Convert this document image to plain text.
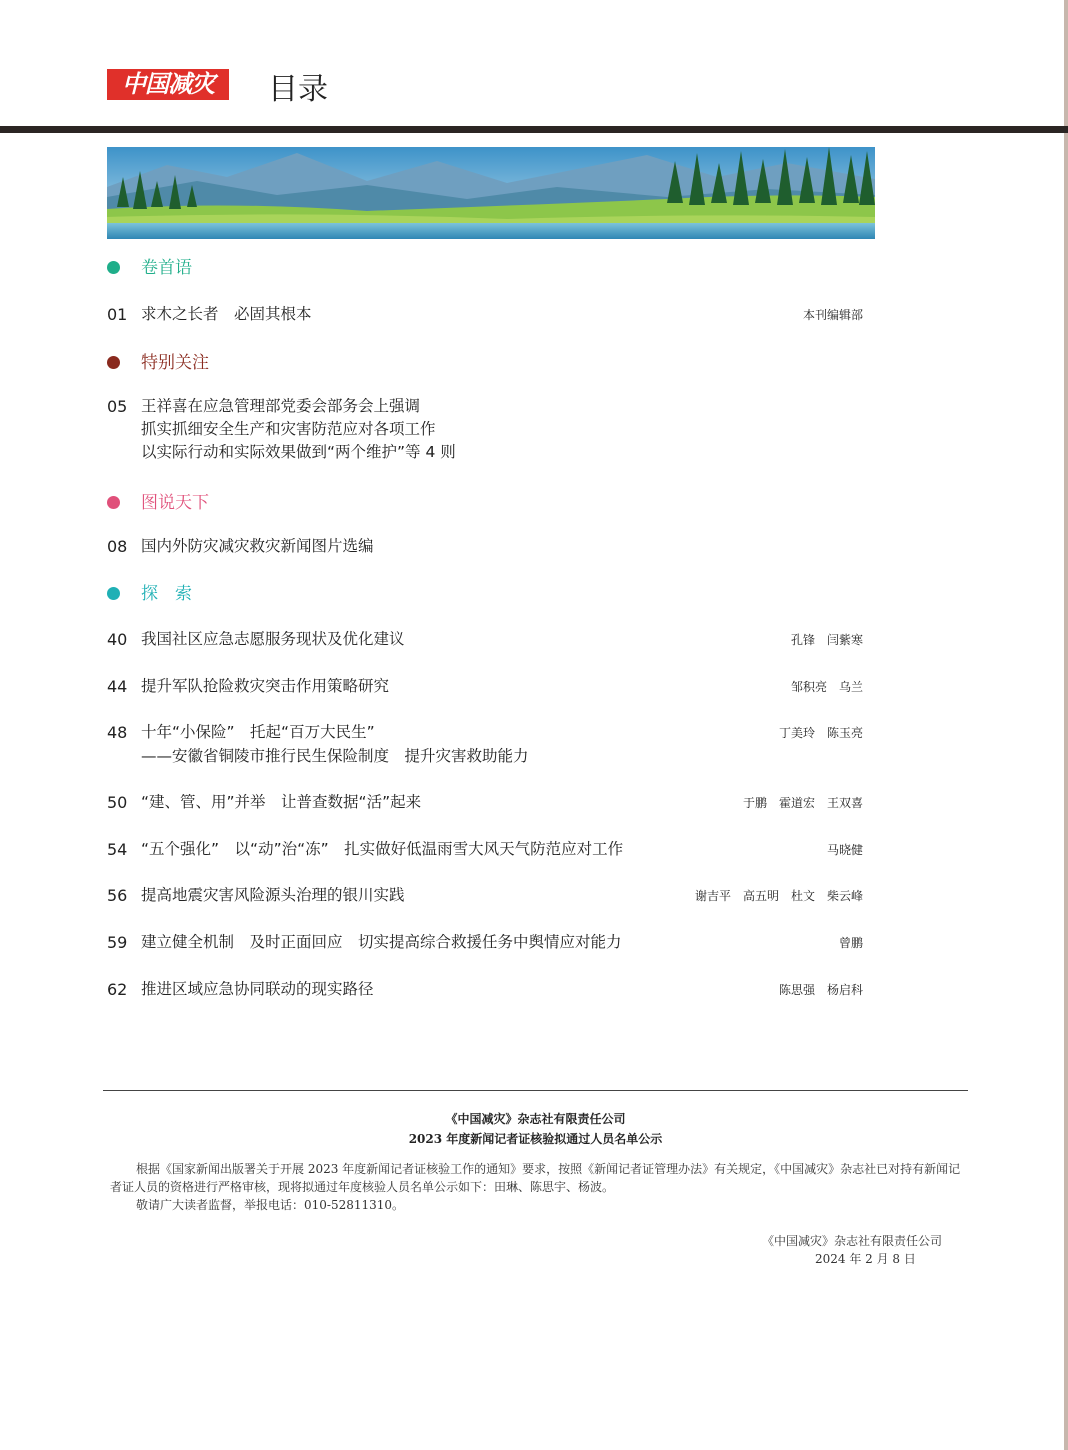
中国减灾	目录
卷首语
特别关注
图说天下
探　索
01 求木之长者　必固其根本	本刊编辑部
05 王祥喜在应急管理部党委会部务会上强调
抓实抓细安全生产和灾害防范应对各项工作
以实际行动和实际效果做到“两个维护”等 4 则
08 国内外防灾减灾救灾新闻图片选编
40 我国社区应急志愿服务现状及优化建议	孔锋　闫紫寒
44 提升军队抢险救灾突击作用策略研究	邹积亮　乌兰
48 十年“小保险”　托起“百万大民生”
——安徽省铜陵市推行民生保险制度　提升灾害救助能力
丁美玲　陈玉亮
50 “建、管、用”并举　让普查数据“活”起来	于鹏　霍道宏　王双喜
54 “五个强化”　以“动”治“冻”　扎实做好低温雨雪大风天气防范应对工作	马晓健
56 提高地震灾害风险源头治理的银川实践	谢吉平　高五明　杜文　柴云峰
59 建立健全机制　及时正面回应　切实提高综合救援任务中舆情应对能力	曾鹏
62 推进区域应急协同联动的现实路径	陈思强　杨启科
《中国减灾》杂志社有限责任公司
2023 年度新闻记者证核验拟通过人员名单公示
根据《国家新闻出版署关于开展 2023 年度新闻记者证核验工作的通知》要求，按照《新闻记者证管理办法》有关规定，《中国减灾》杂志社已对持有新闻记者证人员的资格进行严格审核，现将拟通过年度核验人员名单公示如下：田琳、陈思宇、杨波。
敬请广大读者监督，举报电话：010-52811310。
《中国减灾》杂志社有限责任公司
2024 年 2 月 8 日
